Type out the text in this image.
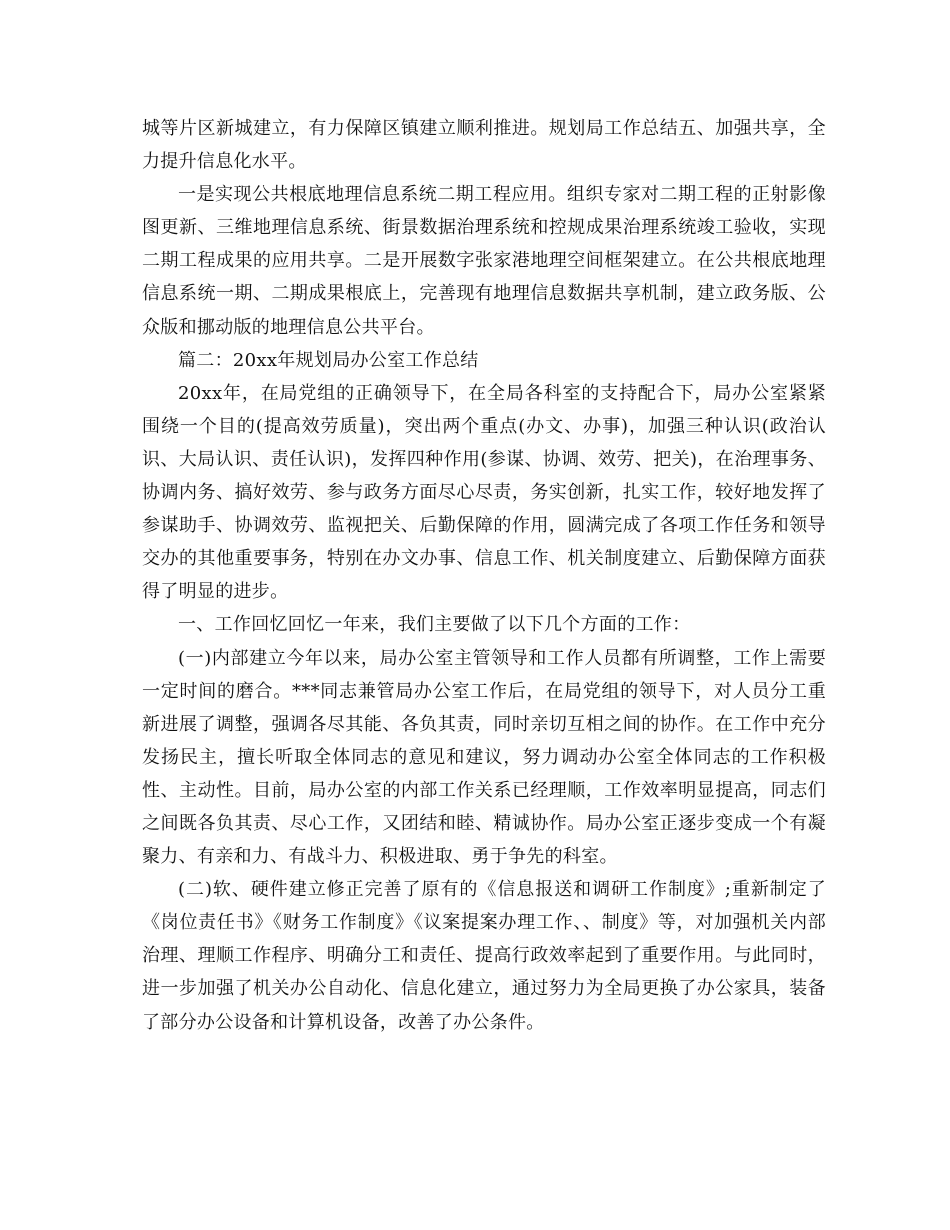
城等片区新城建立，有力保障区镇建立顺利推进。规划局工作总结五、加强共享，全力提升信息化水平。

一是实现公共根底地理信息系统二期工程应用。组织专家对二期工程的正射影像图更新、三维地理信息系统、街景数据治理系统和控规成果治理系统竣工验收，实现二期工程成果的应用共享。二是开展数字张家港地理空间框架建立。在公共根底地理信息系统一期、二期成果根底上，完善现有地理信息数据共享机制，建立政务版、公众版和挪动版的地理信息公共平台。

篇二：20xx年规划局办公室工作总结

20xx年，在局党组的正确领导下，在全局各科室的支持配合下，局办公室紧紧围绕一个目的(提高效劳质量)，突出两个重点(办文、办事)，加强三种认识(政治认识、大局认识、责任认识)，发挥四种作用(参谋、协调、效劳、把关)，在治理事务、协调内务、搞好效劳、参与政务方面尽心尽责，务实创新，扎实工作，较好地发挥了参谋助手、协调效劳、监视把关、后勤保障的作用，圆满完成了各项工作任务和领导交办的其他重要事务，特别在办文办事、信息工作、机关制度建立、后勤保障方面获得了明显的进步。

一、工作回忆回忆一年来，我们主要做了以下几个方面的工作：

(一)内部建立今年以来，局办公室主管领导和工作人员都有所调整，工作上需要一定时间的磨合。***同志兼管局办公室工作后，在局党组的领导下，对人员分工重新进展了调整，强调各尽其能、各负其责，同时亲切互相之间的协作。在工作中充分发扬民主，擅长听取全体同志的意见和建议，努力调动办公室全体同志的工作积极性、主动性。目前，局办公室的内部工作关系已经理顺，工作效率明显提高，同志们之间既各负其责、尽心工作，又团结和睦、精诚协作。局办公室正逐步变成一个有凝聚力、有亲和力、有战斗力、积极进取、勇于争先的科室。

(二)软、硬件建立修正完善了原有的《信息报送和调研工作制度》;重新制定了《岗位责任书》《财务工作制度》《议案提案办理工作、、制度》等，对加强机关内部治理、理顺工作程序、明确分工和责任、提高行政效率起到了重要作用。与此同时，进一步加强了机关办公自动化、信息化建立，通过努力为全局更换了办公家具，装备了部分办公设备和计算机设备，改善了办公条件。
